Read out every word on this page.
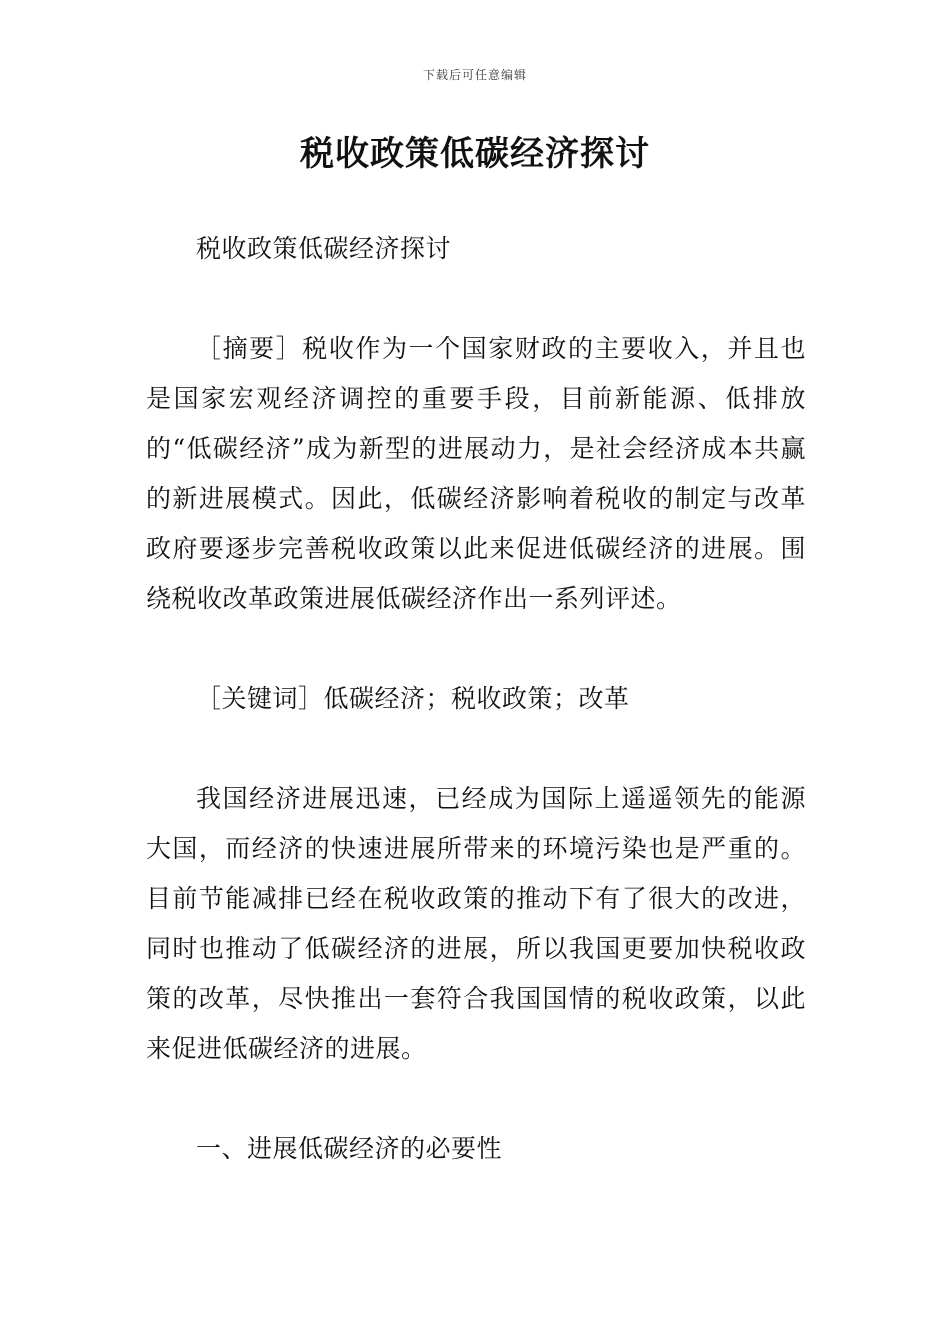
下载后可任意编辑
税收政策低碳经济探讨

税收政策低碳经济探讨

［摘要］税收作为一个国家财政的主要收入，并且也是国家宏观经济调控的重要手段，目前新能源、低排放的“低碳经济”成为新型的进展动力，是社会经济成本共赢的新进展模式。因此，低碳经济影响着税收的制定与改革政府要逐步完善税收政策以此来促进低碳经济的进展。围绕税收改革政策进展低碳经济作出一系列评述。

［关键词］低碳经济；税收政策；改革

我国经济进展迅速，已经成为国际上遥遥领先的能源大国，而经济的快速进展所带来的环境污染也是严重的。目前节能减排已经在税收政策的推动下有了很大的改进，同时也推动了低碳经济的进展，所以我国更要加快税收政策的改革，尽快推出一套符合我国国情的税收政策，以此来促进低碳经济的进展。

一、进展低碳经济的必要性
